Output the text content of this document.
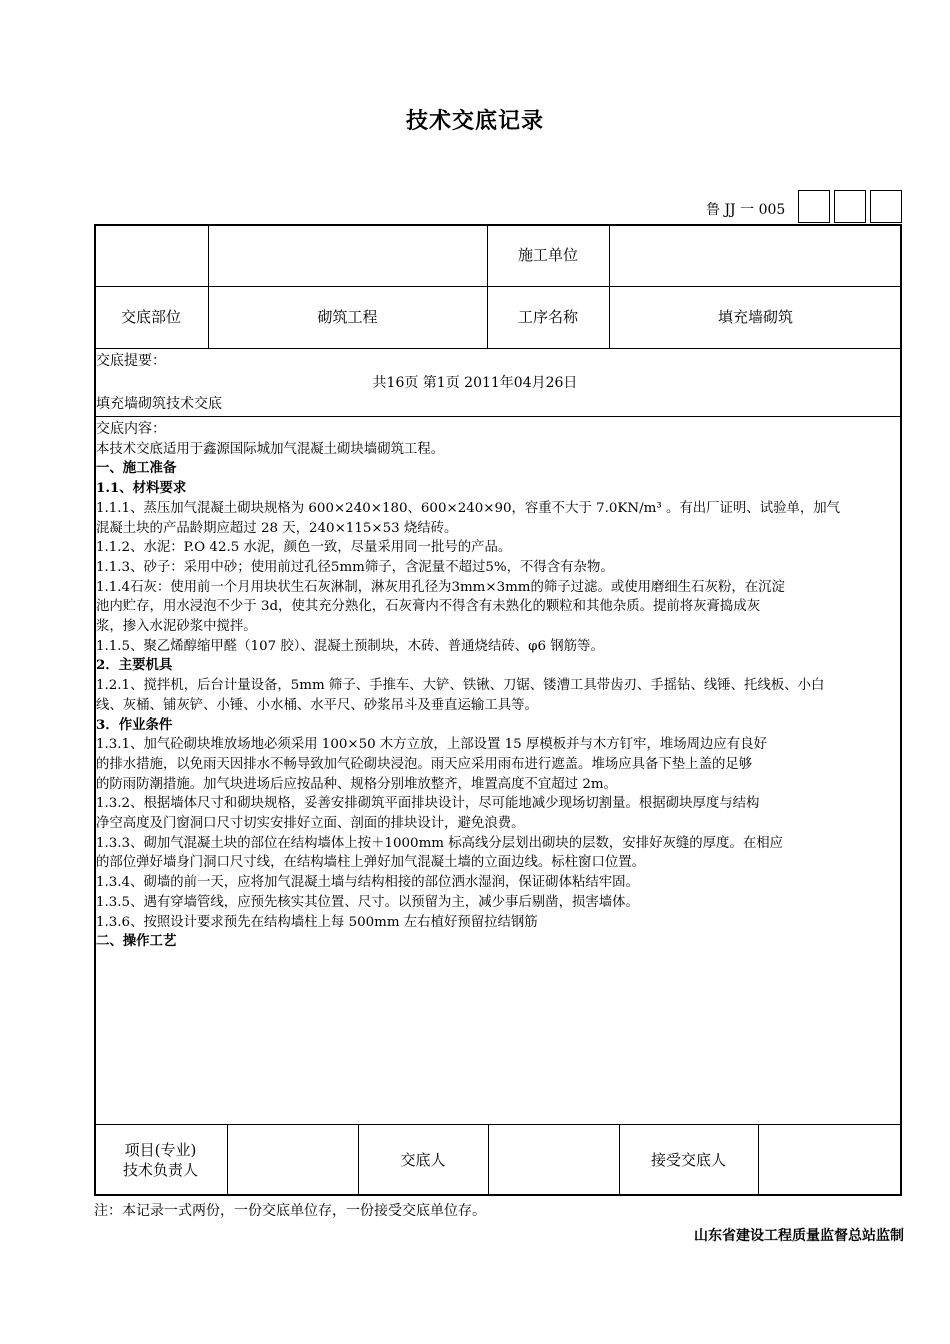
技术交底记录
鲁 JJ 一 005
施工单位
交底部位	砌筑工程	工序名称	填充墙砌筑
交底提要：
共16页 第1页 2011年04月26日
填充墙砌筑技术交底

交底内容：

本技术交底适用于鑫源国际城加气混凝土砌块墙砌筑工程。

一、施工准备

1.1、材料要求

1.1.1、蒸压加气混凝土砌块规格为 600×240×180、600×240×90，容重不大于 7.0KN/m³ 。有出厂证明、试验单，加气

混凝土块的产品龄期应超过 28 天，240×115×53 烧结砖。

1.1.2、水泥：P.O 42.5 水泥，颜色一致，尽量采用同一批号的产品。

1.1.3、砂子：采用中砂；使用前过孔径5mm筛子，含泥量不超过5%，不得含有杂物。

1.1.4石灰：使用前一个月用块状生石灰淋制，淋灰用孔径为3mm×3mm的筛子过滤。或使用磨细生石灰粉，在沉淀

池内贮存，用水浸泡不少于 3d，使其充分熟化，石灰膏内不得含有未熟化的颗粒和其他杂质。提前将灰膏捣成灰

浆，掺入水泥砂浆中搅拌。

1.1.5、聚乙烯醇缩甲醛（107 胶）、混凝土预制块，木砖、普通烧结砖、φ6 钢筋等。

2．主要机具

1.2.1、搅拌机，后台计量设备，5mm 筛子、手推车、大铲、铁锹、刀锯、镂漕工具带齿刃、手摇钻、线锤、托线板、小白

线、灰桶、铺灰铲、小锤、小水桶、水平尺、砂浆吊斗及垂直运输工具等。

3．作业条件

1.3.1、加气砼砌块堆放场地必须采用 100×50 木方立放，上部设置 15 厚模板并与木方钉牢，堆场周边应有良好

的排水措施，以免雨天因排水不畅导致加气砼砌块浸泡。雨天应采用雨布进行遮盖。堆场应具备下垫上盖的足够

的防雨防潮措施。加气块进场后应按品种、规格分别堆放整齐，堆置高度不宜超过 2m。

1.3.2、根据墙体尺寸和砌块规格，妥善安排砌筑平面排块设计，尽可能地减少现场切割量。根据砌块厚度与结构

净空高度及门窗洞口尺寸切实安排好立面、剖面的排块设计，避免浪费。

1.3.3、砌加气混凝土块的部位在结构墙体上按＋1000mm 标高线分层划出砌块的层数，安排好灰缝的厚度。在相应

的部位弹好墙身门洞口尺寸线，在结构墙柱上弹好加气混凝土墙的立面边线。标柱窗口位置。

1.3.4、砌墙的前一天，应将加气混凝土墙与结构相接的部位洒水湿润，保证砌体粘结牢固。

1.3.5、遇有穿墙管线，应预先核实其位置、尺寸。以预留为主，减少事后剔凿，损害墙体。

1.3.6、按照设计要求预先在结构墙柱上每 500mm 左右植好预留拉结钢筋

二、操作工艺

项目(专业)
技术负责人
交底人	接受交底人
注：本记录一式两份，一份交底单位存，一份接受交底单位存。
山东省建设工程质量监督总站监制
